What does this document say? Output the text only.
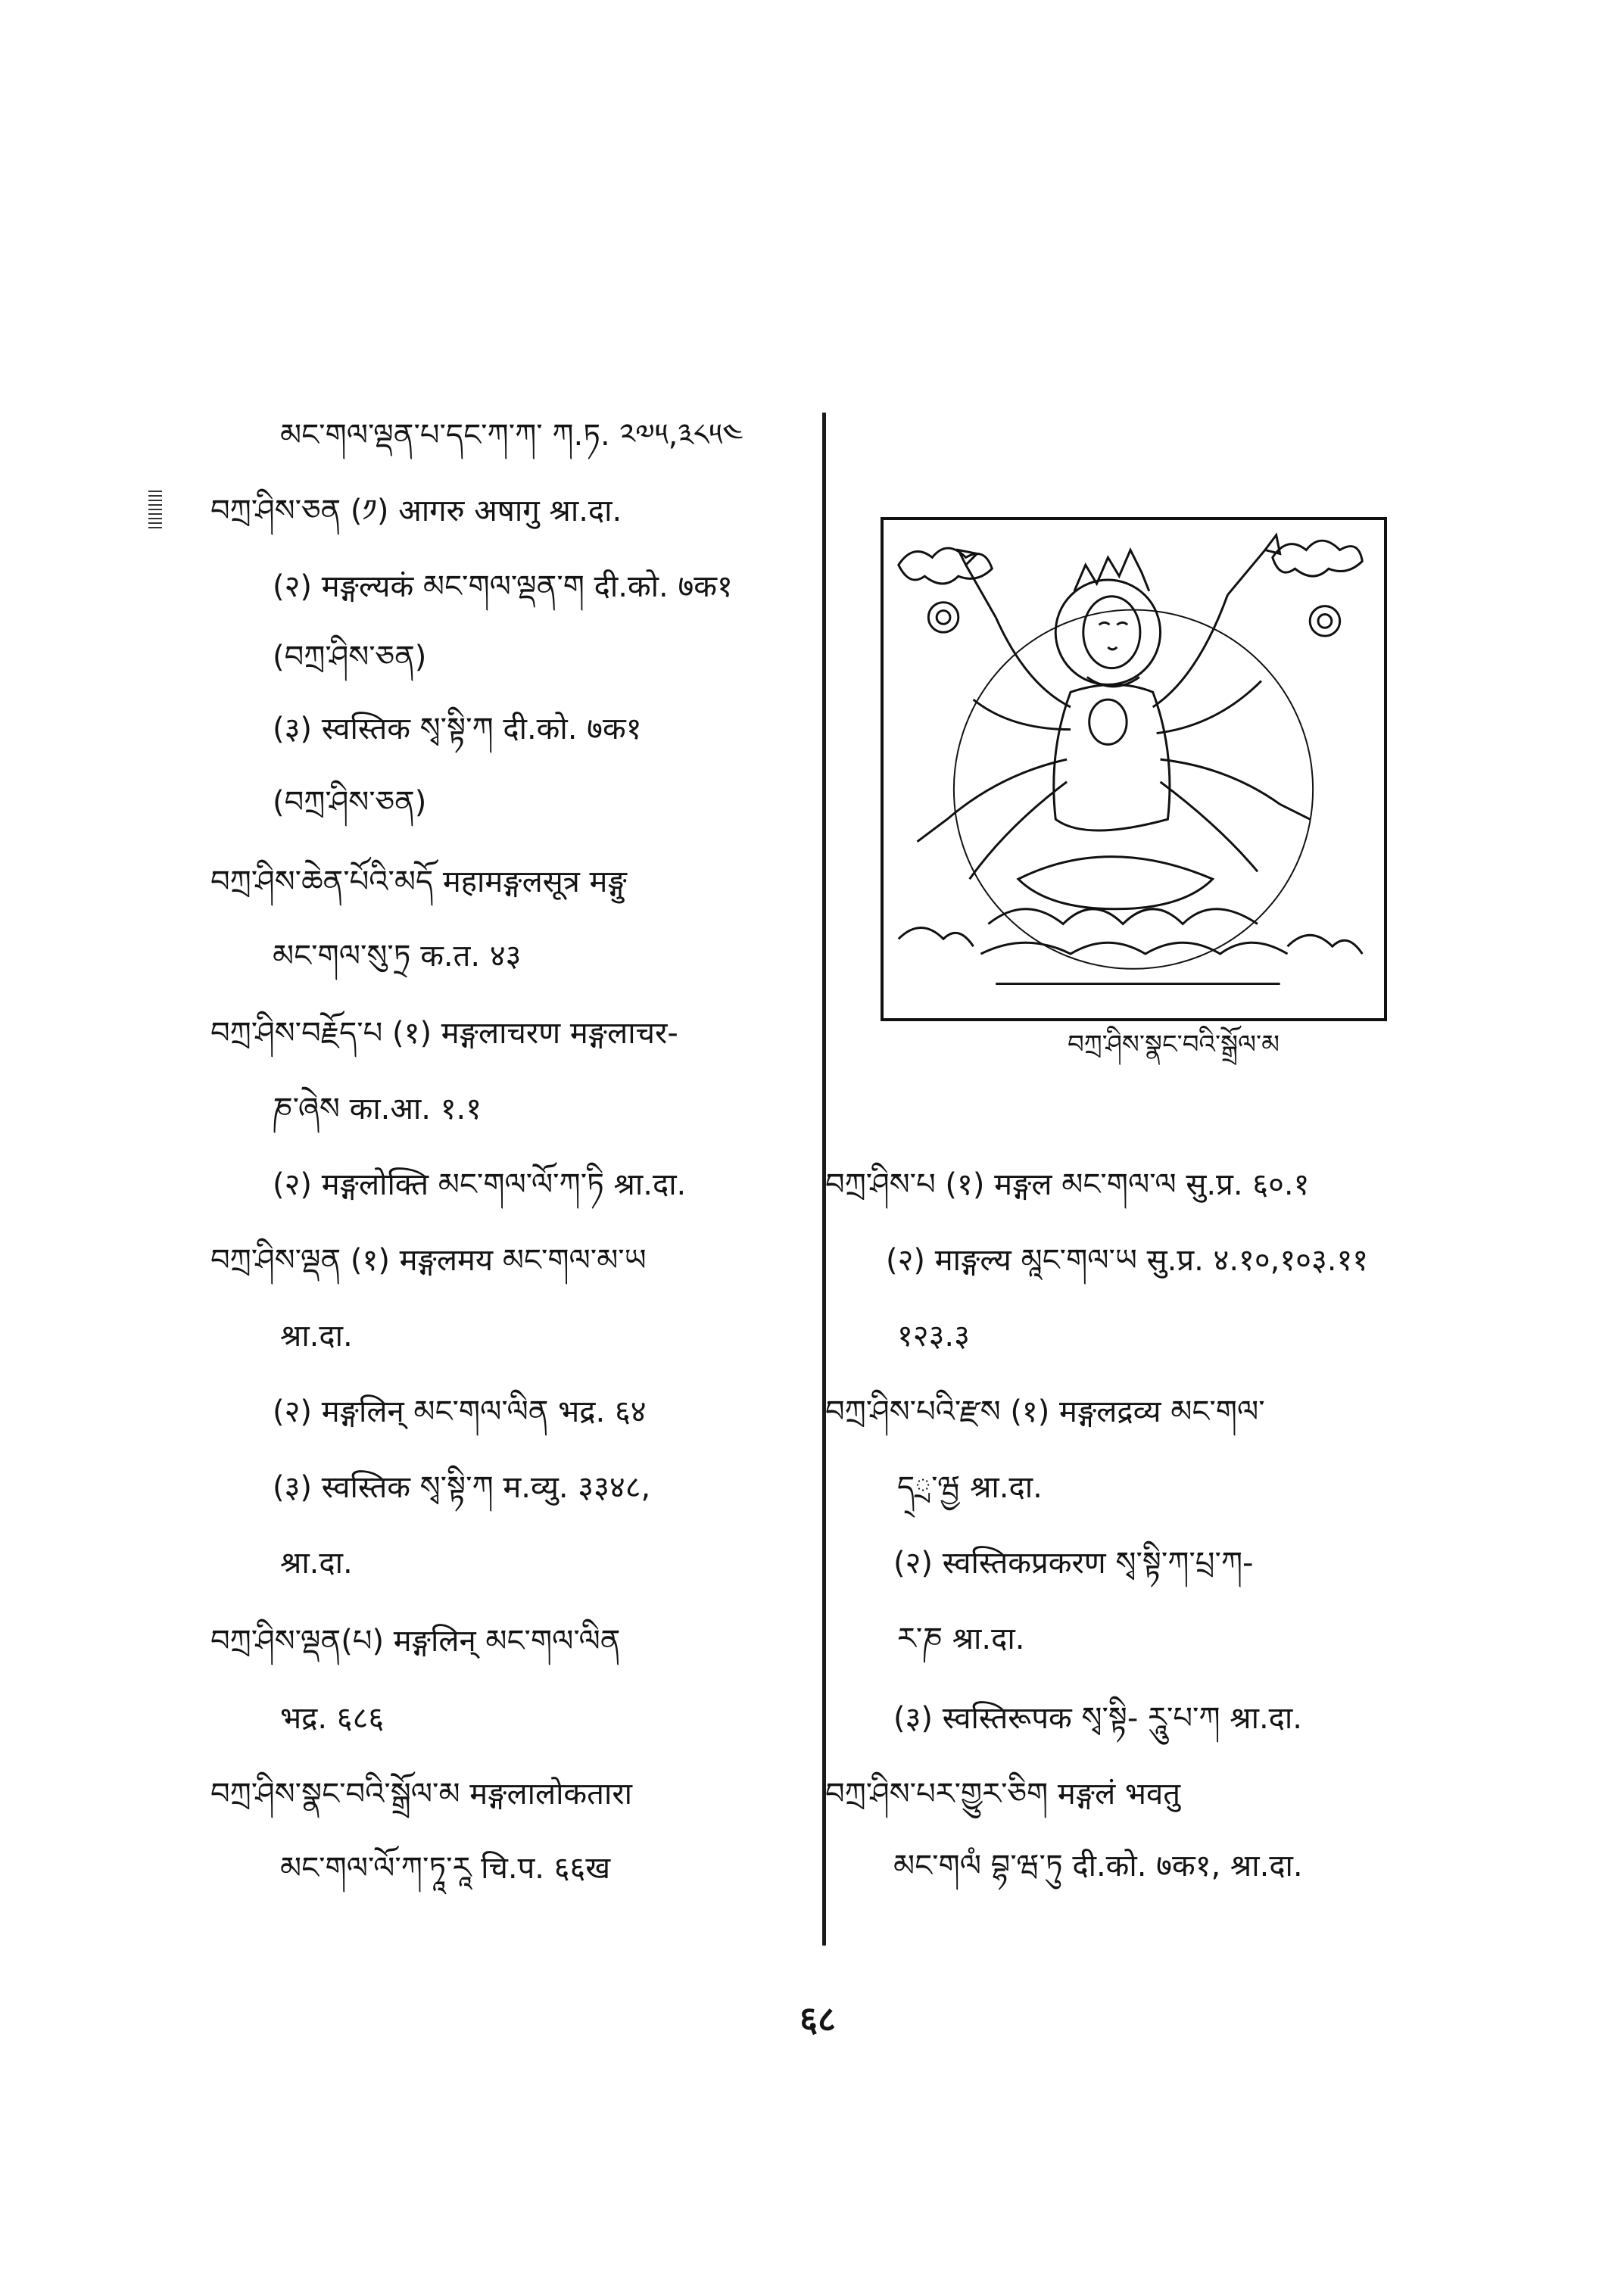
མང་གལ་ལྡན་པ་དང་ཀ་ཀ་ ཀ.ཏ. ༢༧༥,༣༨༥༤
བཀྲ་ཤིས་ཅན (༡) आगरु अषागु श्रा.दा.
(२) मङ्गल्यकं མང་གལ་ལྡན་ག दी.को. ७क१
(བཀྲ་ཤིས་ཅན)
(३) स्वस्तिक སྭ་སྟི་ཀ दी.को. ७क१
(བཀྲ་ཤིས་ཅན)
བཀྲ་ཤིས་ཆེན་པོའི་མདོ महामङ्गलसूत्र मङ्गु
མང་གལ་སུ་ཏྲ क.त. ४३
བཀྲ་ཤིས་བརྗོད་པ (१) मङ्गलाचरण मङ्गलाचर-
ཎ་ཞེས का.आ. १.१
(२) मङ्गलोक्ति མང་གལ་ལོ་ཀ་ཏི श्रा.दा.
བཀྲ་ཤིས་ལྡན (१) मङ्गलमय མང་གལ་མ་ཡ
श्रा.दा.
(२) मङ्गलिन् མང་གལ་ལིན भद्र. ६४
(३) स्वस्तिक སྭ་སྟི་ཀ म.व्यु. ३३४८,
श्रा.दा.
བཀྲ་ཤིས་ལྡན(པ) मङ्गलिन् མང་གལ་ལིན
भद्र. ६८६
བཀྲ་ཤིས་སྣང་བའི་སྒྲོལ་མ मङ्गलालोकतारा
མང་གལ་ལོ་ཀ་ཏཱ་རཱ चि.प. ६६ख
བཀྲ་ཤིས་སྣང་བའི་སྒྲོལ་མ
བཀྲ་ཤིས་པ (१) मङ्गल མང་གལ་ལ सु.प्र. ६०.१
(२) माङ्गल्य མཱང་གལ་ཡ सु.प्र. ४.१०,१०३.११
१२३.३
བཀྲ་ཤིས་པའི་རྫས (१) मङ्गलद्रव्य མང་གལ་
ད྄ྲ་ཝྱ श्रा.दा.
(२) स्वस्तिकप्रकरण སྭ་སྟི་ཀ་པྲ་ཀ-
ར་ཎ श्रा.दा.
(३) स्वस्तिरूपक སྭ་སྟི- རཱུ་པ་ཀ श्रा.दा.
བཀྲ་ཤིས་པར་གྱུར་ཅིག मङ्गलं भवतु
མང་གལཾ བྷ་ཝ་ཏུ दी.को. ७क१, श्रा.दा.
६८
